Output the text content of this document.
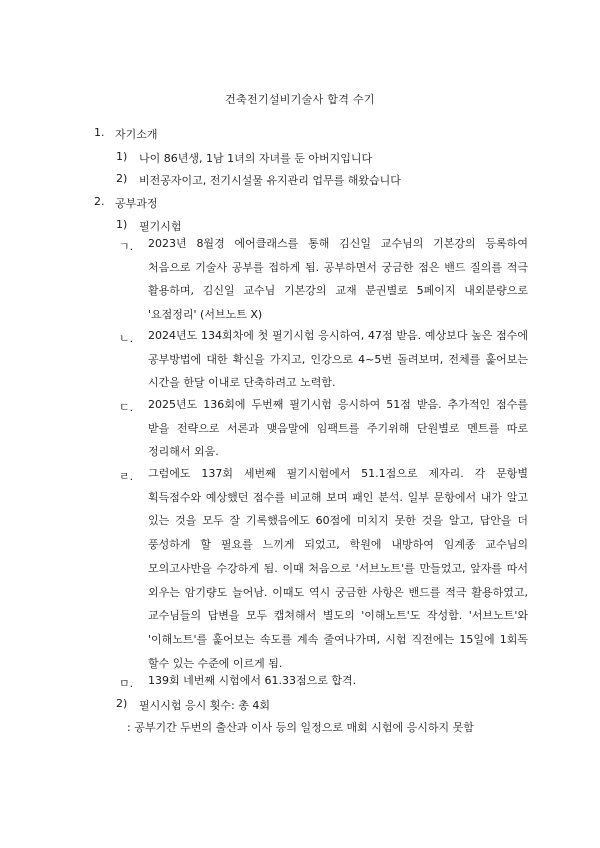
건축전기설비기술사 합격 수기
1. 자기소개
1) 나이 86년생, 1남 1녀의 자녀를 둔 아버지입니다
2) 비전공자이고, 전기시설물 유지관리 업무를 해왔습니다
2. 공부과정
1) 필기시험
ㄱ. 2023년 8월경 에어클래스를 통해 김신일 교수님의 기본강의 등록하여 처음으로 기술사 공부를 접하게 됨. 공부하면서 궁금한 점은 밴드 질의를 적극 활용하며, 김신일 교수님 기본강의 교재 분권별로 5페이지 내외분량으로 '요점정리' (서브노트 X)
ㄴ. 2024년도 134회차에 첫 필기시험 응시하여, 47점 받음. 예상보다 높은 점수에 공부방법에 대한 확신을 가지고, 인강으로 4~5번 돌려보며, 전체를 훑어보는 시간을 한달 이내로 단축하려고 노력함.
ㄷ. 2025년도 136회에 두번째 필기시험 응시하여 51점 받음. 추가적인 점수를 받을 전략으로 서론과 맺음말에 임팩트를 주기위해 단원별로 멘트를 따로 정리해서 외움.
ㄹ. 그럼에도 137회 세번째 필기시험에서 51.1점으로 제자리. 각 문항별 획득점수와 예상했던 점수를 비교해 보며 패인 분석. 일부 문항에서 내가 알고 있는 것을 모두 잘 기록했음에도 60점에 미치지 못한 것을 알고, 답안을 더 풍성하게 할 필요를 느끼게 되었고, 학원에 내방하여 임계종 교수님의 모의고사반을 수강하게 됨. 이때 처음으로 '서브노트'를 만들었고, 앞자를 따서 외우는 암기량도 늘어남. 이때도 역시 궁금한 사항은 밴드를 적극 활용하였고, 교수님들의 답변을 모두 캡쳐해서 별도의 '이해노트'도 작성함. '서브노트'와 '이해노트'를 훑어보는 속도를 계속 줄여나가며, 시험 직전에는 15일에 1회독 할수 있는 수준에 이르게 됨.
ㅁ. 139회 네번째 시험에서 61.33점으로 합격.
2) 필시시험 응시 횟수: 총 4회
: 공부기간 두번의 출산과 이사 등의 일정으로 매회 시험에 응시하지 못함
